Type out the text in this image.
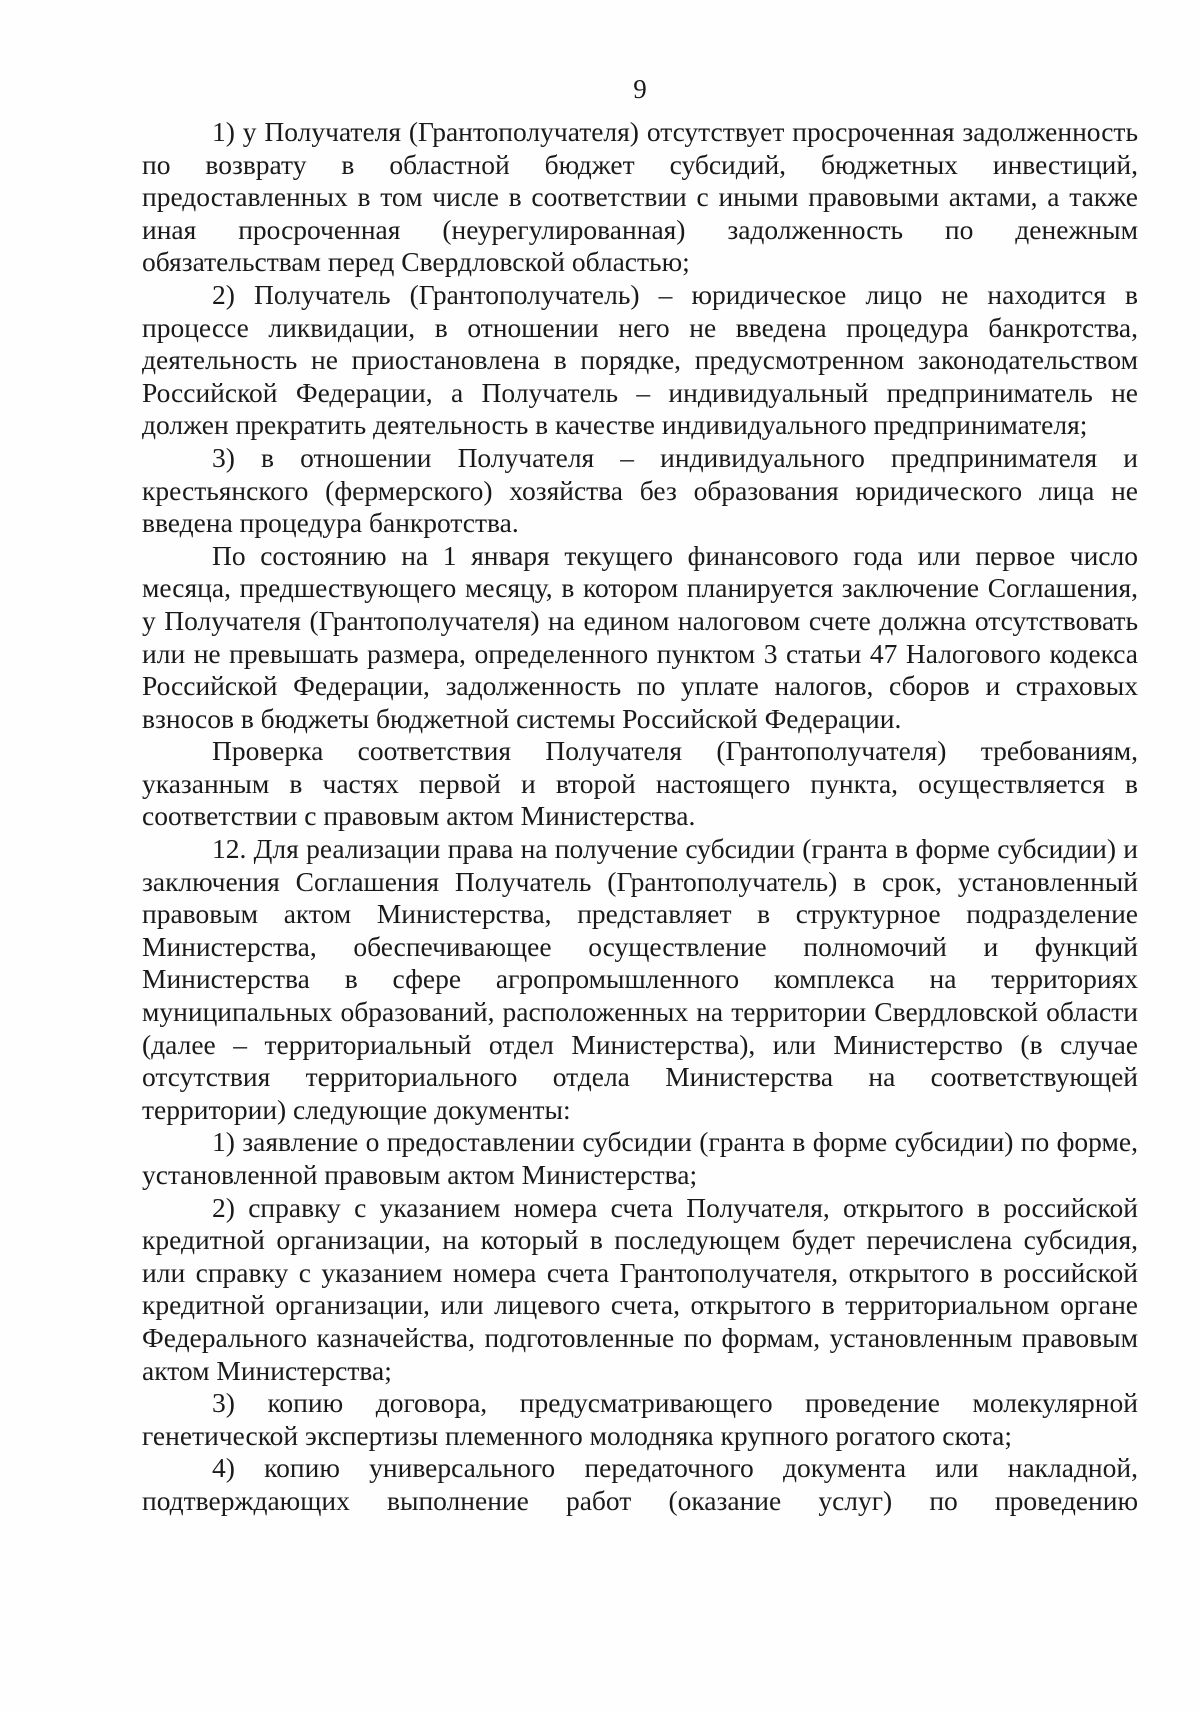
9

1) у Получателя (Грантополучателя) отсутствует просроченная задолженность по возврату в областной бюджет субсидий, бюджетных инвестиций, предоставленных в том числе в соответствии с иными правовыми актами, а также иная просроченная (неурегулированная) задолженность по денежным обязательствам перед Свердловской областью;

2) Получатель (Грантополучатель) – юридическое лицо не находится в процессе ликвидации, в отношении него не введена процедура банкротства, деятельность не приостановлена в порядке, предусмотренном законодательством Российской Федерации, а Получатель – индивидуальный предприниматель не должен прекратить деятельность в качестве индивидуального предпринимателя;

3) в отношении Получателя – индивидуального предпринимателя и крестьянского (фермерского) хозяйства без образования юридического лица не введена процедура банкротства.

По состоянию на 1 января текущего финансового года или первое число месяца, предшествующего месяцу, в котором планируется заключение Соглашения, у Получателя (Грантополучателя) на едином налоговом счете должна отсутствовать или не превышать размера, определенного пунктом 3 статьи 47 Налогового кодекса Российской Федерации, задолженность по уплате налогов, сборов и страховых взносов в бюджеты бюджетной системы Российской Федерации.

Проверка соответствия Получателя (Грантополучателя) требованиям, указанным в частях первой и второй настоящего пункта, осуществляется в соответствии с правовым актом Министерства.

12. Для реализации права на получение субсидии (гранта в форме субсидии) и заключения Соглашения Получатель (Грантополучатель) в срок, установленный правовым актом Министерства, представляет в структурное подразделение Министерства, обеспечивающее осуществление полномочий и функций Министерства в сфере агропромышленного комплекса на территориях муниципальных образований, расположенных на территории Свердловской области (далее – территориальный отдел Министерства), или Министерство (в случае отсутствия территориального отдела Министерства на соответствующей территории) следующие документы:

1) заявление о предоставлении субсидии (гранта в форме субсидии) по форме, установленной правовым актом Министерства;

2) справку с указанием номера счета Получателя, открытого в российской кредитной организации, на который в последующем будет перечислена субсидия, или справку с указанием номера счета Грантополучателя, открытого в российской кредитной организации, или лицевого счета, открытого в территориальном органе Федерального казначейства, подготовленные по формам, установленным правовым актом Министерства;

3) копию договора, предусматривающего проведение молекулярной генетической экспертизы племенного молодняка крупного рогатого скота;

4) копию универсального передаточного документа или накладной, подтверждающих выполнение работ (оказание услуг) по проведению
